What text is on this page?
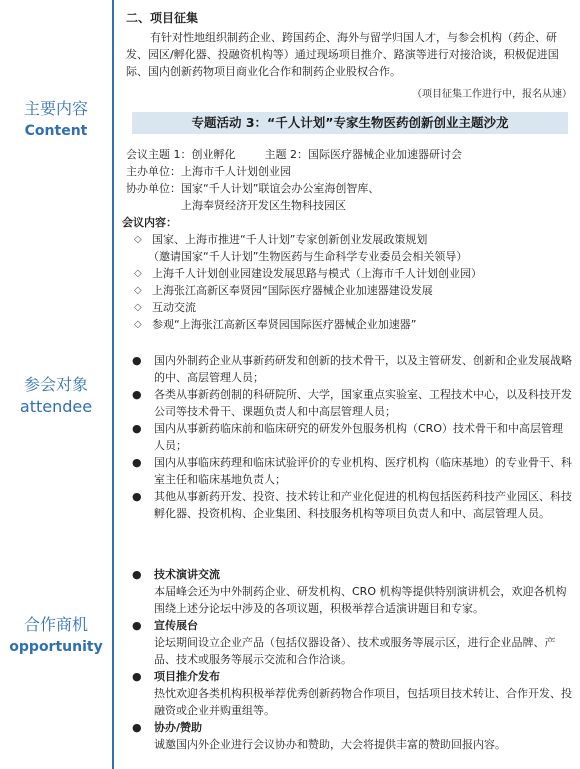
主要内容
Content
参会对象
attendee
合作商机
opportunity
二、项目征集
有针对性地组织制药企业、跨国药企、海外与留学归国人才，与参会机构（药企、研发、园区/孵化器、投融资机构等）通过现场项目推介、路演等进行对接洽谈，积极促进国际、国内创新药物项目商业化合作和制药企业股权合作。
（项目征集工作进行中，报名从速）
专题活动 3：“千人计划”专家生物医药创新创业主题沙龙
会议主题 1：创业孵化	主题 2：国际医疗器械企业加速器研讨会
主办单位：上海市千人计划创业园
协办单位：国家“千人计划”联谊会办公室海创智库、
上海奉贤经济开发区生物科技园区
会议内容：
◇ 国家、上海市推进“千人计划”专家创新创业发展政策规划
（邀请国家“千人计划”生物医药与生命科学专业委员会相关领导）
◇ 上海千人计划创业园建设发展思路与模式（上海市千人计划创业园）
◇ 上海张江高新区奉贤园“国际医疗器械企业加速器建设发展
◇ 互动交流
◇ 参观“上海张江高新区奉贤园国际医疗器械企业加速器”
● 国内外制药企业从事新药研发和创新的技术骨干，以及主管研发、创新和企业发展战略的中、高层管理人员；
● 各类从事新药创制的科研院所、大学，国家重点实验室、工程技术中心，以及科技开发公司等技术骨干、课题负责人和中高层管理人员；
● 国内从事新药临床前和临床研究的研发外包服务机构（CRO）技术骨干和中高层管理人员；
● 国内从事临床药理和临床试验评价的专业机构、医疗机构（临床基地）的专业骨干、科室主任和临床基地负责人；
● 其他从事新药开发、投资、技术转让和产业化促进的机构包括医药科技产业园区、科技孵化器、投资机构、企业集团、科技服务机构等项目负责人和中、高层管理人员。
● 技术演讲交流
本届峰会还为中外制药企业、研发机构、CRO 机构等提供特别演讲机会，欢迎各机构围绕上述分论坛中涉及的各项议题，积极举荐合适演讲题目和专家。
● 宣传展台
论坛期间设立企业产品（包括仪器设备）、技术或服务等展示区，进行企业品牌、产品、技术或服务等展示交流和合作洽谈。
● 项目推介发布
热忱欢迎各类机构积极举荐优秀创新药物合作项目，包括项目技术转让、合作开发、投融资或企业并购重组等。
● 协办/赞助
诚邀国内外企业进行会议协办和赞助，大会将提供丰富的赞助回报内容。
